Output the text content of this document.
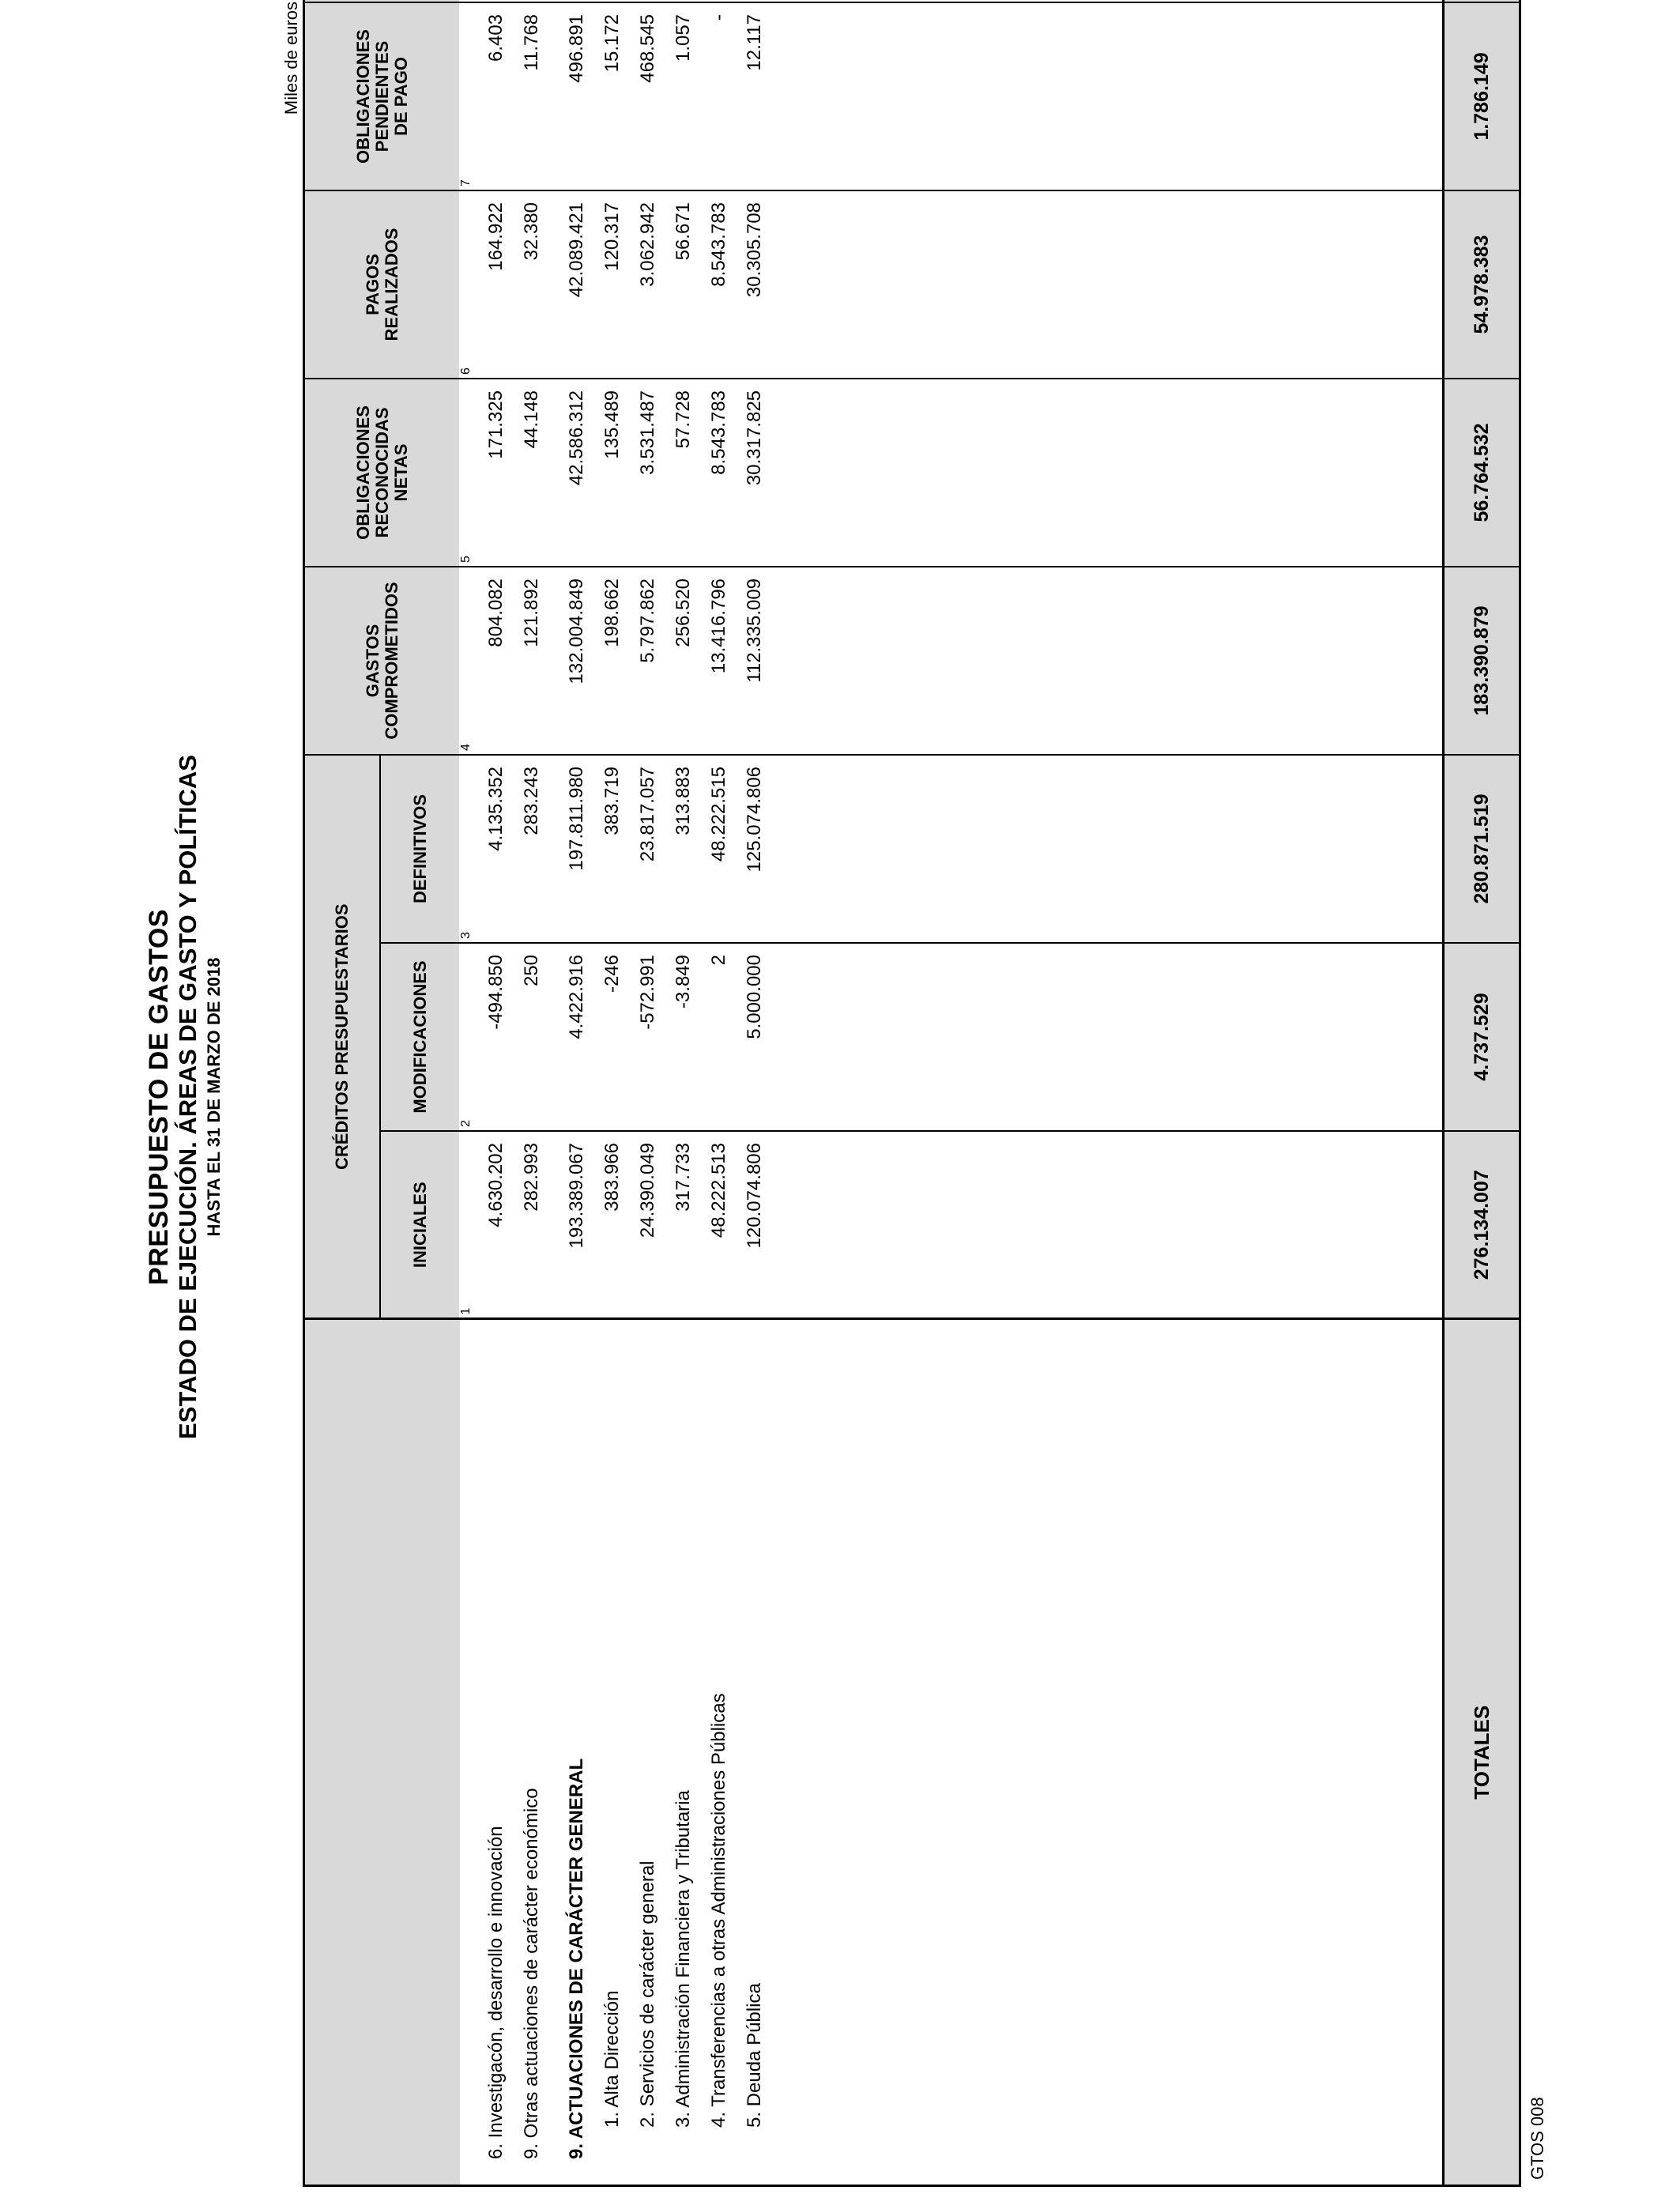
PRESUPUESTO DE GASTOS ESTADO DE EJECUCIÓN. ÁREAS DE GASTO Y POLÍTICAS HASTA EL 31 DE MARZO DE 2018
Miles de euros
	CRÉDITOS PRESUPUESTARIOS			GASTOS
COMPROMETIDOS	OBLIGACIONES
RECONOCIDAS
NETAS	PAGOS
REALIZADOS	OBLIGACIONES
PENDIENTES
DE PAGO	

	INICIALES	MODIFICACIONES	DEFINITIVOS					
	1	2	3	4	5	6	7	
6. Investigacón, desarrollo e innovación	4.630.202	-494.850	4.135.352	804.082	171.325	164.922	6.403	
9. Otras actuaciones de carácter económico	282.993	250	283.243	121.892	44.148	32.380	11.768	

9. ACTUACIONES DE CARÁCTER GENERAL	193.389.067	4.422.916	197.811.980	132.004.849	42.586.312	42.089.421	496.891	
1. Alta Dirección	383.966	-246	383.719	198.662	135.489	120.317	15.172	
2. Servicios de carácter general	24.390.049	-572.991	23.817.057	5.797.862	3.531.487	3.062.942	468.545	
3. Administración Financiera y Tributaria	317.733	-3.849	313.883	256.520	57.728	56.671	1.057	
4. Transferencias a otras Administraciones Públicas	48.222.513	2	48.222.515	13.416.796	8.543.783	8.543.783	-	
5. Deuda Pública	120.074.806	5.000.000	125.074.806	112.335.009	30.317.825	30.305.708	12.117	

TOTALES	276.134.007	4.737.529	280.871.519	183.390.879	56.764.532	54.978.383	1.786.149	
GTOS 008
